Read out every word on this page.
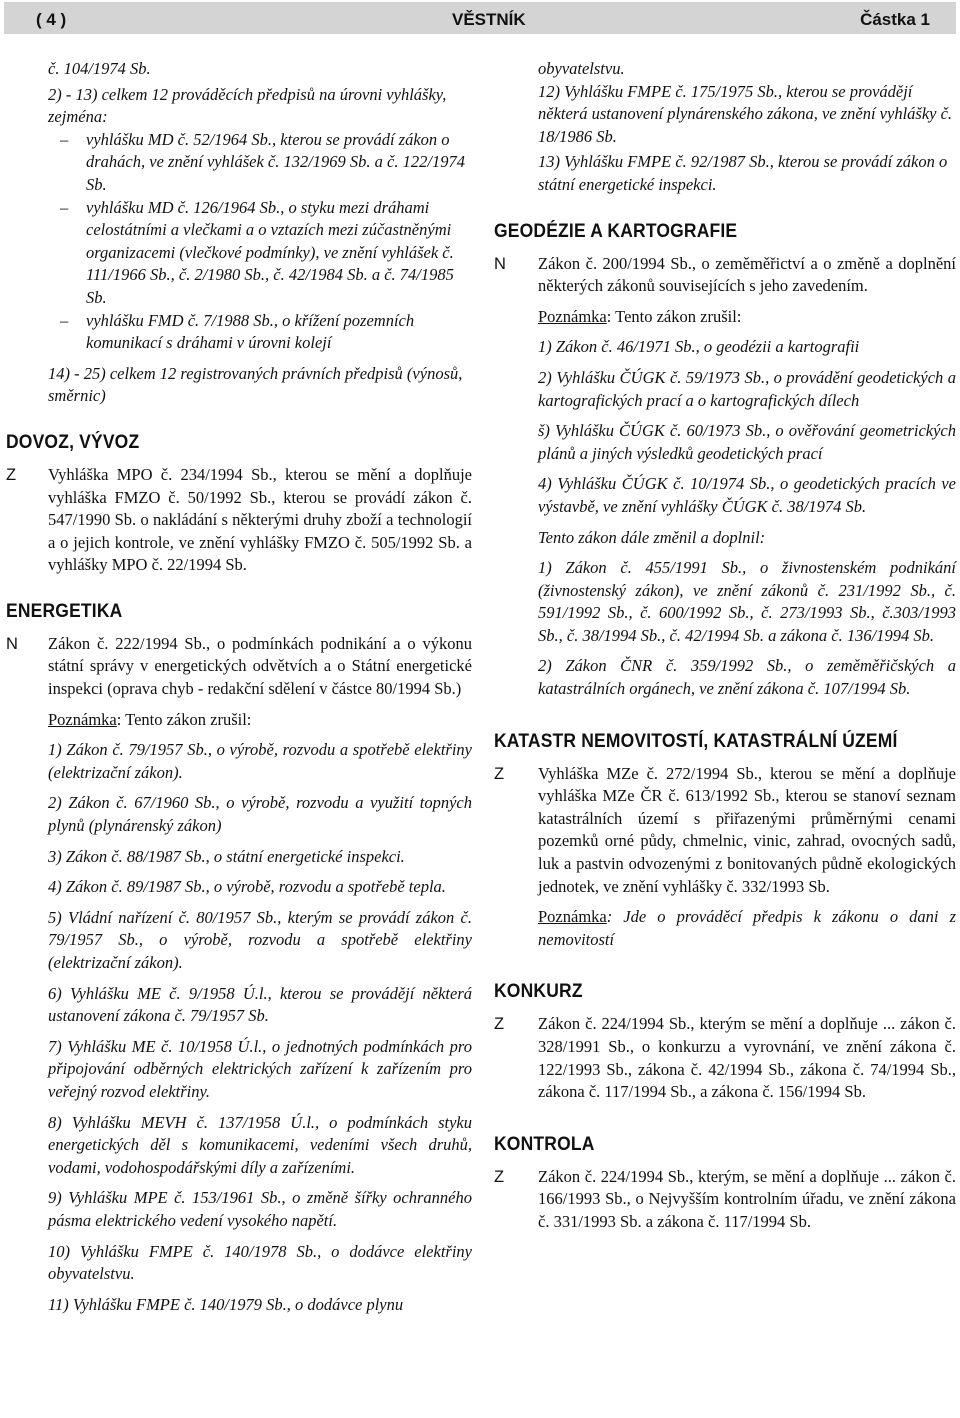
( 4 )	VĚSTNÍK	Částka 1

č. 104/1974 Sb.

2) - 13) celkem 12 prováděcích předpisů na úrovni vyhlášky, zejména:

– vyhlášku MD č. 52/1964 Sb., kterou se provádí zákon o drahách, ve znění vyhlášek č. 132/1969 Sb. a č. 122/1974 Sb.

– vyhlášku MD č. 126/1964 Sb., o styku mezi dráhami celostátními a vlečkami a o vztazích mezi zúčastněnými organizacemi (vlečkové podmínky), ve znění vyhlášek č. 111/1966 Sb., č. 2/1980 Sb., č. 42/1984 Sb. a č. 74/1985 Sb.

– vyhlášku FMD č. 7/1988 Sb., o křížení pozemních komunikací s dráhami v úrovni kolejí

14) - 25) celkem 12 registrovaných právních předpisů (výnosů, směrnic)

DOVOZ, VÝVOZ
Z Vyhláška MPO č. 234/1994 Sb., kterou se mění a doplňuje vyhláška FMZO č. 50/1992 Sb., kterou se provádí zákon č. 547/1990 Sb. o nakládání s některými druhy zboží a technologií a o jejich kontrole, ve znění vyhlášky FMZO č. 505/1992 Sb. a vyhlášky MPO č. 22/1994 Sb.

ENERGETIKA
N Zákon č. 222/1994 Sb., o podmínkách podnikání a o výkonu státní správy v energetických odvětvích a o Státní energetické inspekci (oprava chyb - redakční sdělení v částce 80/1994 Sb.)

Poznámka: Tento zákon zrušil:

1) Zákon č. 79/1957 Sb., o výrobě, rozvodu a spotřebě elektřiny (elektrizační zákon).

2) Zákon č. 67/1960 Sb., o výrobě, rozvodu a využití topných plynů (plynárenský zákon)

3) Zákon č. 88/1987 Sb., o státní energetické inspekci.

4) Zákon č. 89/1987 Sb., o výrobě, rozvodu a spotřebě tepla.

5) Vládní nařízení č. 80/1957 Sb., kterým se provádí zákon č. 79/1957 Sb., o výrobě, rozvodu a spotřebě elektřiny (elektrizační zákon).

6) Vyhlášku ME č. 9/1958 Ú.l., kterou se provádějí některá ustanovení zákona č. 79/1957 Sb.

7) Vyhlášku ME č. 10/1958 Ú.l., o jednotných podmínkách pro připojování odběrných elektrických zařízení k zařízením pro veřejný rozvod elektřiny.

8) Vyhlášku MEVH č. 137/1958 Ú.l., o podmínkách styku energetických děl s komunikacemi, vedeními všech druhů, vodami, vodohospodářskými díly a zařízeními.

9) Vyhlášku MPE č. 153/1961 Sb., o změně šířky ochranného pásma elektrického vedení vysokého napětí.

10) Vyhlášku FMPE č. 140/1978 Sb., o dodávce elektřiny obyvatelstvu.

11) Vyhlášku FMPE č. 140/1979 Sb., o dodávce plynu

obyvatelstvu.

12) Vyhlášku FMPE č. 175/1975 Sb., kterou se provádějí některá ustanovení plynárenského zákona, ve znění vyhlášky č. 18/1986 Sb.

13) Vyhlášku FMPE č. 92/1987 Sb., kterou se provádí zákon o státní energetické inspekci.

GEODÉZIE A KARTOGRAFIE
N Zákon č. 200/1994 Sb., o zeměměřictví a o změně a doplnění některých zákonů souvisejících s jeho zavedením.

Poznámka: Tento zákon zrušil:

1) Zákon č. 46/1971 Sb., o geodézii a kartografii

2) Vyhlášku ČÚGK č. 59/1973 Sb., o provádění geodetických a kartografických prací a o kartografických dílech

š) Vyhlášku ČÚGK č. 60/1973 Sb., o ověřování geometrických plánů a jiných výsledků geodetických prací

4) Vyhlášku ČÚGK č. 10/1974 Sb., o geodetických pracích ve výstavbě, ve znění vyhlášky ČÚGK č. 38/1974 Sb.

Tento zákon dále změnil a doplnil:

1) Zákon č. 455/1991 Sb., o živnostenském podnikání (živnostenský zákon), ve znění zákonů č. 231/1992 Sb., č. 591/1992 Sb., č. 600/1992 Sb., č. 273/1993 Sb., č.303/1993 Sb., č. 38/1994 Sb., č. 42/1994 Sb. a zákona č. 136/1994 Sb.

2) Zákon ČNR č. 359/1992 Sb., o zeměměřičských a katastrálních orgánech, ve znění zákona č. 107/1994 Sb.

KATASTR NEMOVITOSTÍ, KATASTRÁLNÍ ÚZEMÍ
Z Vyhláška MZe č. 272/1994 Sb., kterou se mění a doplňuje vyhláška MZe ČR č. 613/1992 Sb., kterou se stanoví seznam katastrálních území s přiřazenými průměrnými cenami pozemků orné půdy, chmelnic, vinic, zahrad, ovocných sadů, luk a pastvin odvozenými z bonitovaných půdně ekologických jednotek, ve znění vyhlášky č. 332/1993 Sb.

Poznámka: Jde o prováděcí předpis k zákonu o dani z nemovitostí

KONKURZ
Z Zákon č. 224/1994 Sb., kterým se mění a doplňuje ... zákon č. 328/1991 Sb., o konkurzu a vyrovnání, ve znění zákona č. 122/1993 Sb., zákona č. 42/1994 Sb., zákona č. 74/1994 Sb., zákona č. 117/1994 Sb., a zákona č. 156/1994 Sb.

KONTROLA
Z Zákon č. 224/1994 Sb., kterým, se mění a doplňuje ... zákon č. 166/1993 Sb., o Nejvyšším kontrolním úřadu, ve znění zákona č. 331/1993 Sb. a zákona č. 117/1994 Sb.
